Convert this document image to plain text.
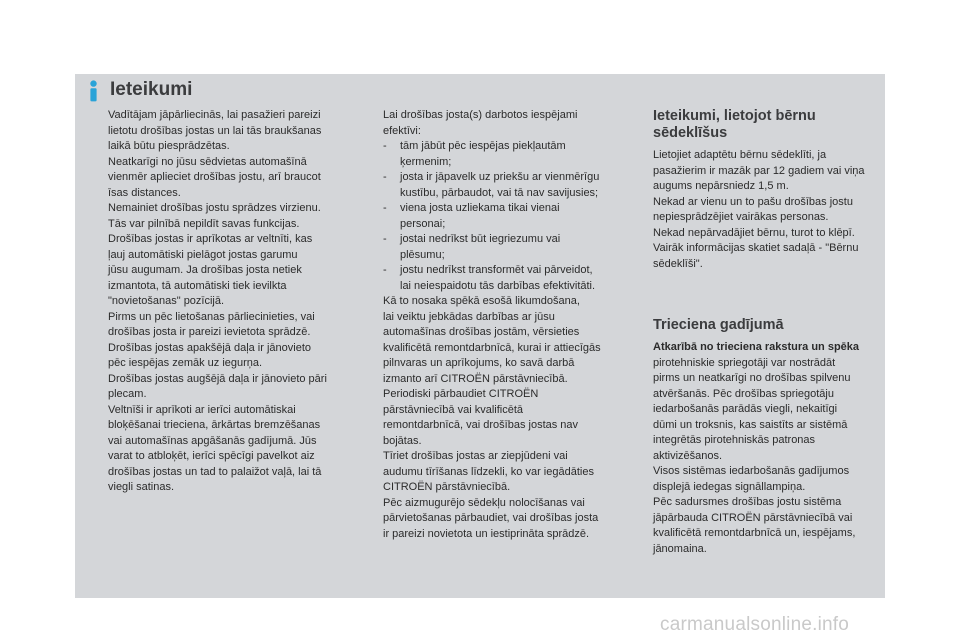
Ieteikumi
Vadītājam jāpārliecinās, lai pasažieri pareizi
lietotu drošības jostas un lai tās braukšanas
laikā būtu piesprādzētas.
Neatkarīgi no jūsu sēdvietas automašīnā
vienmēr aplieciet drošības jostu, arī braucot
īsas distances.
Nemainiet drošības jostu sprādzes virzienu.
Tās var pilnībā nepildīt savas funkcijas.
Drošības jostas ir aprīkotas ar veltnīti, kas
ļauj automātiski pielāgot jostas garumu
jūsu augumam. Ja drošības josta netiek
izmantota, tā automātiski tiek ievilkta
"novietošanas" pozīcijā.
Pirms un pēc lietošanas pārliecinieties, vai
drošības josta ir pareizi ievietota sprādzē.
Drošības jostas apakšējā daļa ir jānovieto
pēc iespējas zemāk uz iegurņa.
Drošības jostas augšējā daļa ir jānovieto pāri
plecam.
Veltnīši ir aprīkoti ar ierīci automātiskai
bloķēšanai trieciena, ārkārtas bremzēšanas
vai automašīnas apgāšanās gadījumā. Jūs
varat to atbloķēt, ierīci spēcīgi pavelkot aiz
drošības jostas un tad to palaižot vaļā, lai tā
viegli satinas.
Lai drošības josta(s) darbotos iespējami
efektīvi:
- tām jābūt pēc iespējas piekļautām
ķermenim;
- josta ir jāpavelk uz priekšu ar vienmērīgu
kustību, pārbaudot, vai tā nav savijusies;
- viena josta uzliekama tikai vienai
personai;
- jostai nedrīkst būt iegriezumu vai
plēsumu;
- jostu nedrīkst transformēt vai pārveidot,
lai neiespaidotu tās darbības efektivitāti.
Kā to nosaka spēkā esošā likumdošana,
lai veiktu jebkādas darbības ar jūsu
automašīnas drošības jostām, vērsieties
kvalificētā remontdarbnīcā, kurai ir attiecīgās
pilnvaras un aprīkojums, ko savā darbā
izmanto arī CITROËN pārstāvniecībā.
Periodiski pārbaudiet CITROËN
pārstāvniecībā vai kvalificētā
remontdarbnīcā, vai drošības jostas nav
bojātas.
Tīriet drošības jostas ar ziepjūdeni vai
audumu tīrīšanas līdzekli, ko var iegādāties
CITROËN pārstāvniecībā.
Pēc aizmugurējo sēdekļu nolocīšanas vai
pārvietošanas pārbaudiet, vai drošības josta
ir pareizi novietota un iestiprināta sprādzē.
Ieteikumi, lietojot bērnu
sēdeklīšus
Lietojiet adaptētu bērnu sēdeklīti, ja
pasažierim ir mazāk par 12 gadiem vai viņa
augums nepārsniedz 1,5 m.
Nekad ar vienu un to pašu drošības jostu
nepiesprādzējiet vairākas personas.
Nekad nepārvadājiet bērnu, turot to klēpī.
Vairāk informācijas skatiet sadaļā - "Bērnu
sēdeklīši".
Trieciena gadījumā
Atkarībā no trieciena rakstura un spēka
pirotehniskie spriegotāji var nostrādāt
pirms un neatkarīgi no drošības spilvenu
atvēršanās. Pēc drošības spriegotāju
iedarbošanās parādās viegli, nekaitīgi
dūmi un troksnis, kas saistīts ar sistēmā
integrētās pirotehniskās patronas
aktivizēšanos.
Visos sistēmas iedarbošanās gadījumos
displejā iedegas signāllampiņa.
Pēc sadursmes drošības jostu sistēma
jāpārbauda CITROËN pārstāvniecībā vai
kvalificētā remontdarbnīcā un, iespējams,
jānomaina.
carmanualsonline.info
